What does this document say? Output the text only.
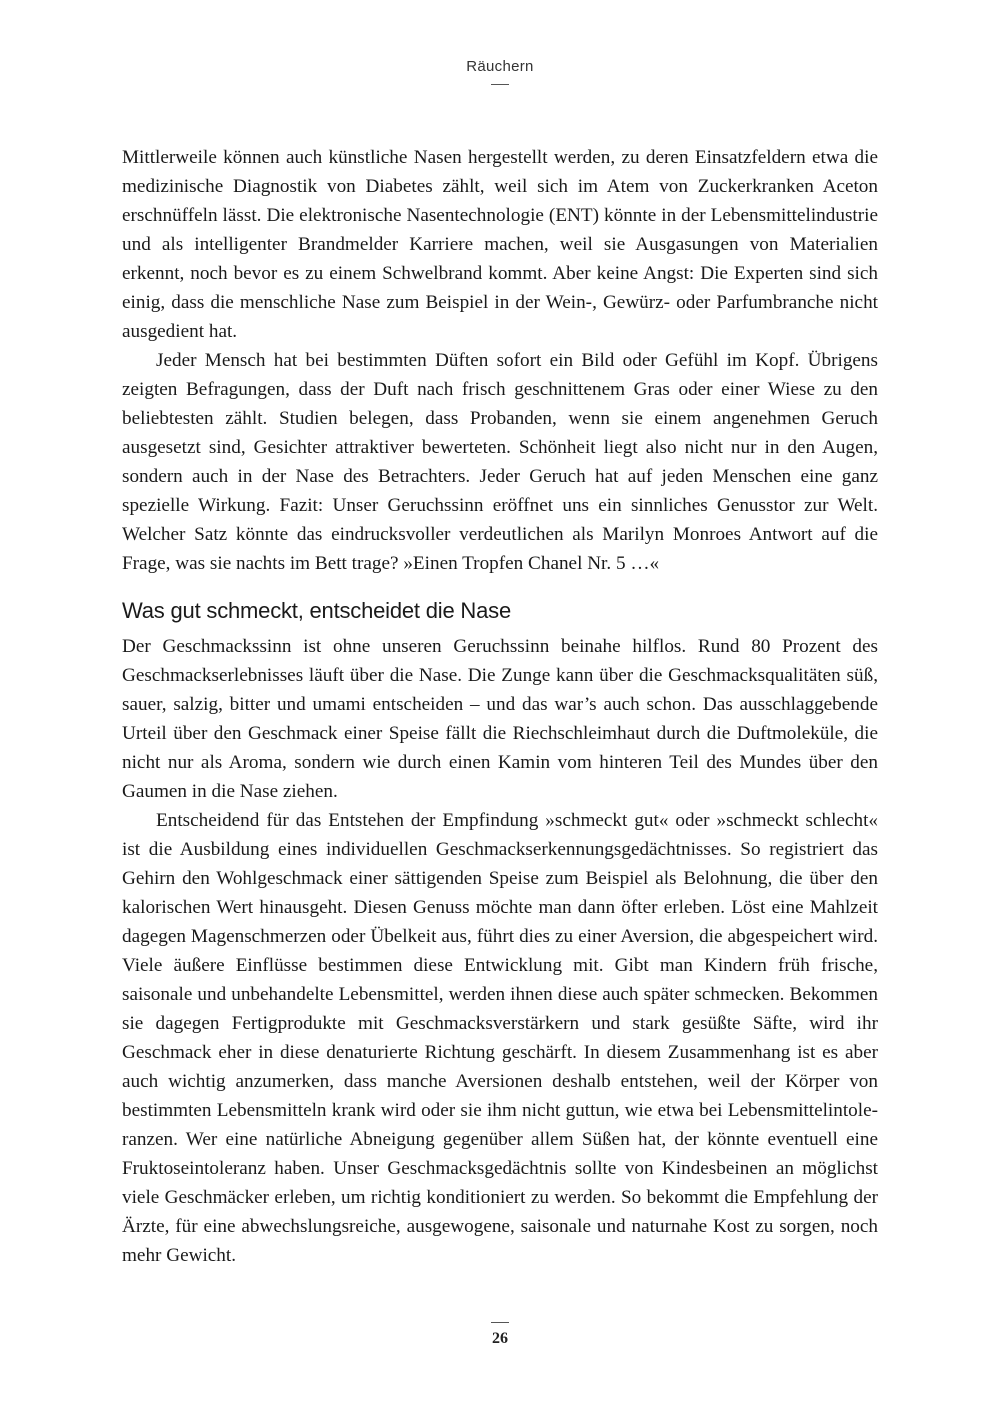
Räuchern

Mittlerweile können auch künstliche Nasen hergestellt werden, zu deren Einsatzfeldern etwa die medizinische Diagnostik von Diabetes zählt, weil sich im Atem von Zuckerkranken Aceton erschnüffeln lässt. Die elektronische Nasentechnologie (ENT) könnte in der Lebensmittelindustrie und als intelligenter Brandmelder Karriere machen, weil sie Ausgasungen von Materialien erkennt, noch bevor es zu einem Schwelbrand kommt. Aber keine Angst: Die Experten sind sich einig, dass die menschliche Nase zum Beispiel in der Wein-, Gewürz- oder Parfumbranche nicht ausgedient hat.

Jeder Mensch hat bei bestimmten Düften sofort ein Bild oder Gefühl im Kopf. Übrigens zeigten Befragungen, dass der Duft nach frisch geschnittenem Gras oder einer Wiese zu den beliebtesten zählt. Studien belegen, dass Probanden, wenn sie einem angenehmen Geruch ausgesetzt sind, Gesichter attraktiver bewerteten. Schönheit liegt also nicht nur in den Augen, sondern auch in der Nase des Betrachters. Jeder Geruch hat auf jeden Menschen eine ganz spezielle Wirkung. Fazit: Unser Geruchssinn eröffnet uns ein sinnliches Genusstor zur Welt. Welcher Satz könnte das eindrucksvoller verdeutlichen als Marilyn Monroes Antwort auf die Frage, was sie nachts im Bett trage? »Einen Tropfen Chanel Nr. 5 …«

Was gut schmeckt, entscheidet die Nase

Der Geschmackssinn ist ohne unseren Geruchssinn beinahe hilflos. Rund 80 Prozent des Geschmackserlebnisses läuft über die Nase. Die Zunge kann über die Geschmacksqualitäten süß, sauer, salzig, bitter und umami entscheiden – und das war’s auch schon. Das ausschlaggebende Urteil über den Geschmack einer Speise fällt die Riechschleimhaut durch die Duftmoleküle, die nicht nur als Aroma, sondern wie durch einen Kamin vom hinteren Teil des Mundes über den Gaumen in die Nase ziehen.

Entscheidend für das Entstehen der Empfindung »schmeckt gut« oder »schmeckt schlecht« ist die Ausbildung eines individuellen Geschmackserkennungsgedächtnisses. So registriert das Gehirn den Wohlgeschmack einer sättigenden Speise zum Beispiel als Belohnung, die über den kalorischen Wert hinausgeht. Diesen Genuss möchte man dann öfter erleben. Löst eine Mahlzeit dagegen Magenschmerzen oder Übelkeit aus, führt dies zu einer Aversion, die abgespeichert wird. Viele äußere Einflüsse bestimmen diese Entwicklung mit. Gibt man Kindern früh frische, saisonale und unbehandelte Lebensmittel, werden ihnen diese auch später schmecken. Bekommen sie dagegen Fertigprodukte mit Geschmacksverstärkern und stark gesüßte Säfte, wird ihr Geschmack eher in diese denaturierte Richtung geschärft. In diesem Zusammenhang ist es aber auch wichtig anzumerken, dass manche Aversionen deshalb entstehen, weil der Körper von bestimmten Lebensmitteln krank wird oder sie ihm nicht guttun, wie etwa bei Lebensmittelintoleranzen. Wer eine natürliche Abneigung gegenüber allem Süßen hat, der könnte eventuell eine Fruktoseintoleranz haben. Unser Geschmacksgedächtnis sollte von Kindesbeinen an möglichst viele Geschmäcker erleben, um richtig konditioniert zu werden. So bekommt die Empfehlung der Ärzte, für eine abwechslungsreiche, ausgewogene, saisonale und naturnahe Kost zu sorgen, noch mehr Gewicht.

26
